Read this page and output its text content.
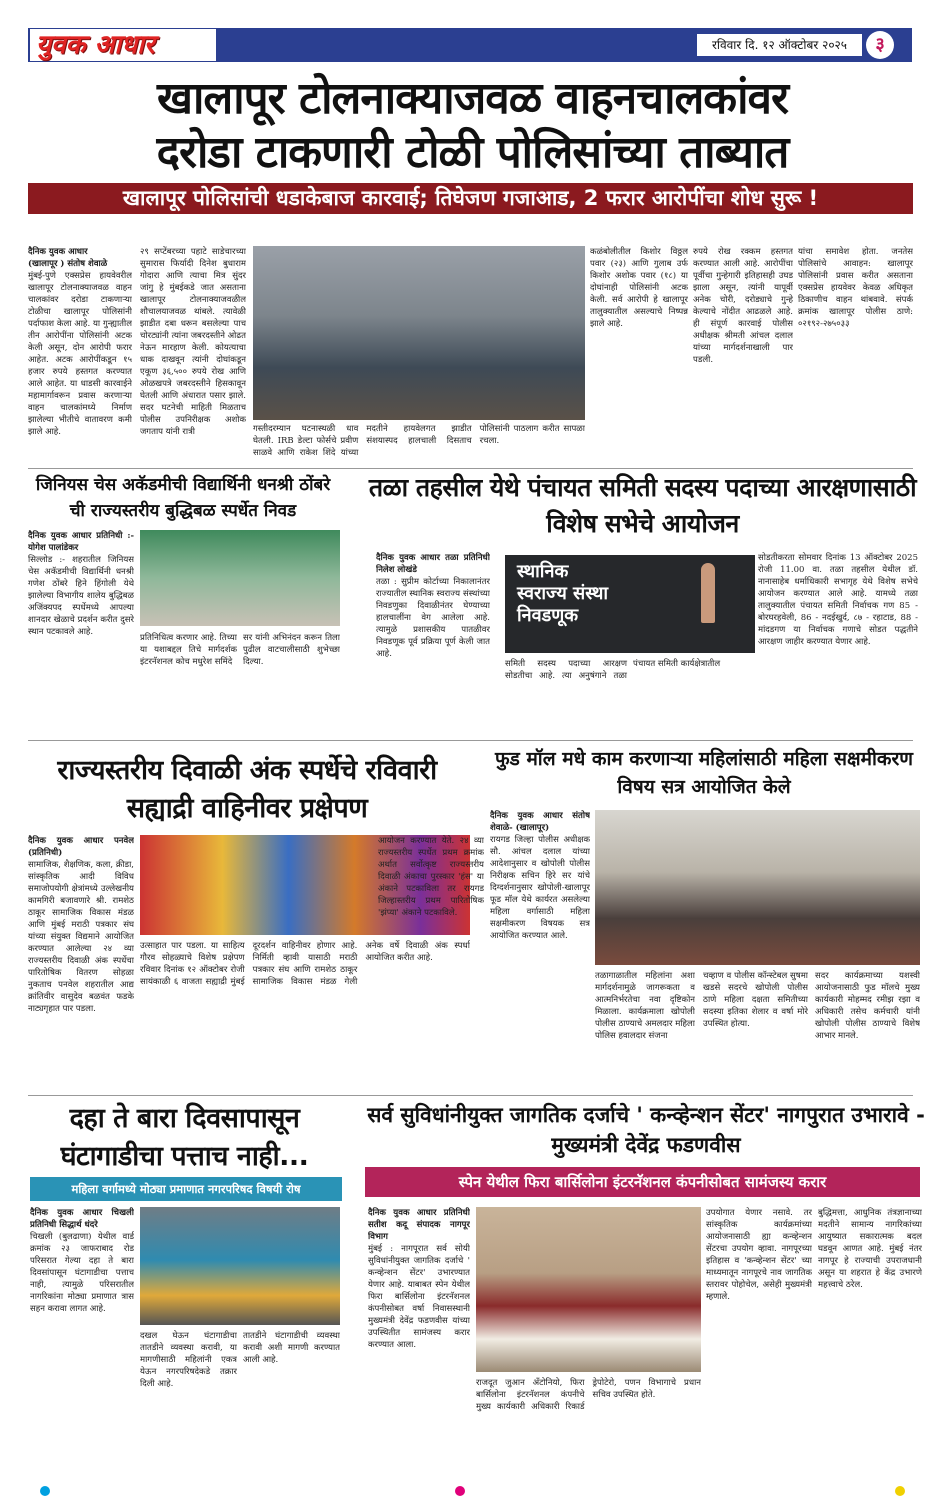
युवक आधार	रविवार दि. १२ ऑक्टोबर २०२५	३
खालापूर टोलनाक्याजवळ वाहनचालकांवर
दरोडा टाकणारी टोळी पोलिसांच्या ताब्यात
खालापूर पोलिसांची धडाकेबाज कारवाई; तिघेजण गजाआड, 2 फरार आरोपींचा शोध सुरू !
दैनिक युवक आधार
(खालापूर ) संतोष शेवाळे
मुंबई-पुणे एक्सप्रेस हायवेवरील खालापूर टोलनाक्याजवळ वाहन चालकांवर दरोडा टाकणाऱ्या टोळीचा खालापूर पोलिसांनी पर्दाफाश केला आहे. या गुन्ह्यातील तीन आरोपींना पोलिसांनी अटक केली असून, दोन आरोपी फरार आहेत. अटक आरोपींकडून १५ हजार रुपये हस्तगत करण्यात आले आहेत. या धाडसी कारवाईने महामार्गावरून प्रवास करणाऱ्या वाहन चालकांमध्ये निर्माण झालेल्या भीतीचे वातावरण कमी झाले आहे.
२९ सप्टेंबरच्या पहाटे साडेचारच्या सुमारास फिर्यादी दिनेश बुधाराम गोदारा आणि त्याचा मित्र सुंदर जांगु हे मुंबईकडे जात असताना खालापूर टोलनाक्याजवळील शौचालयाजवळ थांबले. त्यावेळी झाडीत दबा धरून बसलेल्या पाच चोरट्यांनी त्यांना जबरदस्तीने ओढत नेऊन मारहाण केली. कोयत्याचा धाक दाखवून त्यांनी दोघांकडून एकूण ३६,५०० रुपये रोख आणि ओळखपत्रे जबरदस्तीने हिसकावून घेतली आणि अंधारात पसार झाले. सदर घटनेची माहिती मिळताच पोलीस उपनिरीक्षक अशोक जगताप यांनी रात्री	गस्तीदरम्यान घटनास्थळी धाव घेतली. IRB डेल्टा फोर्सचे प्रवीण साळवे आणि राकेश शिंदे यांच्या मदतीने हायवेलगत झाडीत संशयास्पद हालचाली दिसताच पोलिसांनी पाठलाग करीत सापळा रचला.
कळंबोलीतील किशोर विठ्ठल पवार (२३) आणि गुलाब उर्फ किशोर अशोक पवार (१८) या दोघांनाही पोलिसांनी अटक केली. सर्व आरोपी हे खालापूर तालुक्यातील असल्याचे निष्पन्न झाले आहे.
रुपये रोख रक्कम हस्तगत करण्यात आली आहे. आरोपींचा पूर्वीचा गुन्हेगारी इतिहासही उघड झाला असून, त्यांनी यापूर्वी अनेक चोरी, दरोड्याचे गुन्हे केल्याचे नोंदीत आढळले आहे. ही संपूर्ण कारवाई पोलीस अधीक्षक श्रीमती आंचल दलाल यांच्या मार्गदर्शनाखाली पार पडली.
यांचा समावेश होता. जनतेस पोलिसांचे आवाहन: खालापूर पोलिसांनी प्रवास करीत असताना एक्सप्रेस हायवेवर केवळ अधिकृत ठिकाणीच वाहन थांबवावे. संपर्क क्रमांक खालापूर पोलीस ठाणे: ०२१९२-२७५०३३
जिनियस चेस अकॅडमीची विद्यार्थिनी धनश्री ठोंबरे ची राज्यस्तरीय बुद्धिबळ स्पर्धेत निवड
दैनिक युवक आधार प्रतिनिधी :- योगेश पालांडेकर
सिल्लोड :- शहरातील जिनियस चेस अकॅडमीची विद्यार्थिनी धनश्री गणेश ठोंबरे हिने हिंगोली येथे झालेल्या विभागीय शालेय बुद्धिबळ अजिंक्यपद स्पर्धेमध्ये आपल्या शानदार खेळाचे प्रदर्शन करीत दुसरे स्थान पटकावले आहे.
प्रतिनिधित्व करणार आहे. तिच्या या यशाबद्दल तिचे मार्गदर्शक इंटरनॅशनल कोच मधुरेश समिंदे
सर यांनी अभिनंदन करून तिला पुढील वाटचालीसाठी शुभेच्छा दिल्या.
तळा तहसील येथे पंचायत समिती सदस्य पदाच्या आरक्षणासाठी विशेष सभेचे आयोजन
दैनिक युवक आधार तळा प्रतिनिधी निलेश लोखंडे
तळा : सुप्रीम कोर्टाच्या निकालानंतर राज्यातील स्थानिक स्वराज्य संस्थांच्या निवडणुका दिवाळीनंतर घेण्याच्या हालचालींना वेग आलेला आहे. त्यामुळे प्रशासकीय पातळीवर निवडणूक पूर्व प्रक्रिया पूर्ण केली जात आहे.
स्थानिक
स्वराज्य संस्था
निवडणूक
समिती सदस्य पदाच्या आरक्षण सोडतीचा आहे. त्या अनुषंगाने तळा पंचायत समिती कार्यक्षेत्रातील
सोडतीकरता सोमवार दिनांक 13 ऑक्टोबर 2025 रोजी 11.00 वा. तळा तहसील येथील डॉ. नानासाहेब धर्माधिकारी सभागृह येथे विशेष सभेचे आयोजन करण्यात आले आहे. यामध्ये तळा तालुक्यातील पंचायत समिती निर्वाचक गण 85 - बोरघरहवेली, 86 - नदईखुर्द, ८७ - रहाटाड, 88 - मांदडगण या निर्वाचक गणाचे सोडत पद्धतीने आरक्षण जाहीर करण्यात येणार आहे.
राज्यस्तरीय दिवाळी अंक स्पर्धेचे रविवारी सह्याद्री वाहिनीवर प्रक्षेपण
दैनिक युवक आधार पनवेल (प्रतिनिधी)
सामाजिक, शैक्षणिक, कला, क्रीडा, सांस्कृतिक आदी विविध समाजोपयोगी क्षेत्रांमध्ये उल्लेखनीय कामगिरी बजावणारे श्री. रामशेठ ठाकूर सामाजिक विकास मंडळ आणि मुंबई मराठी पत्रकार संघ यांच्या संयुक्त विद्यमाने आयोजित करण्यात आलेल्या २४ व्या राज्यस्तरीय दिवाळी अंक स्पर्धेचा पारितोषिक वितरण सोहळा नुकताच पनवेल शहरातील आद्य क्रांतिवीर वासुदेव बळवंत फडके नाट्यगृहात पार पडला.
उत्साहात पार पडला. या साहित्य गौरव सोहळ्याचे विशेष प्रक्षेपण रविवार दिनांक १२ ऑक्टोबर रोजी सायंकाळी ६ वाजता सह्याद्री मुंबई दूरदर्शन वाहिनीवर होणार आहे. निर्मिती व्हावी यासाठी मराठी पत्रकार संघ आणि रामशेठ ठाकूर सामाजिक विकास मंडळ गेली अनेक वर्षे दिवाळी अंक स्पर्धा आयोजित करीत आहे.
फुड मॉल मधे काम करणाऱ्या महिलांसाठी महिला सक्षमीकरण विषय सत्र आयोजित केले
दैनिक युवक आधार संतोष शेवाळे- (खालापूर)
रायगड जिल्हा पोलीस अधीक्षक सौ. आंचल दलाल यांच्या आदेशानुसार व खोपोली पोलीस निरीक्षक सचिन हिरे सर यांचे दिग्दर्शनानुसार खोपोली-खालापूर फूड मॉल येथे कार्यरत असलेल्या महिला वर्गासाठी महिला सक्षमीकरण विषयक सत्र आयोजित करण्यात आले.
तळागाळातील महिलांना अशा मार्गदर्शनामुळे जागरूकता व आत्मनिर्भरतेचा नवा दृष्टिकोन मिळाला. कार्यक्रमाला खोपोली पोलीस ठाण्याचे अमलदार महिला पोलिस हवालदार संजना
चव्हाण व पोलीस कॉन्स्टेबल सुषमा खडसे सदरचे खोपोली पोलीस ठाणे महिला दक्षता समितीच्या सदस्या इतिका शेलार व वर्षा मोरे उपस्थित होत्या.
सदर कार्यक्रमाच्या यशस्वी आयोजनासाठी फुड मॉलचे मुख्य कार्यकारी मोहम्मद रमीझ रझा व अधिकारी तसेच कर्मचारी यांनी खोपोली पोलीस ठाण्याचे विशेष आभार मानले.
आयोजन करण्यात येते. २४ व्या राज्यस्तरीय स्पर्धेत प्रथम क्रमांक अर्थात सर्वोत्कृष्ट राज्यस्तरीय दिवाळी अंकाचा पुरस्कार 'हंस' या अंकाने पटकाविला तर रायगड जिल्हास्तरीय प्रथम पारितोषिक 'झंप्या' अंकाने पटकाविले.
दहा ते बारा दिवसापासून घंटागाडीचा पत्ताच नाही...
महिला वर्गामध्ये मोठ्या प्रमाणात नगरपरिषद विषयी रोष
दैनिक युवक आधार चिखली प्रतिनिधी सिद्धार्थ धंदरे
चिखली (बुलढाणा) येथील वार्ड क्रमांक २३ जाफराबाद रोड परिसरात गेल्या दहा ते बारा दिवसांपासून घंटागाडीचा पत्ताच नाही, त्यामुळे परिसरातील नागरिकांना मोठ्या प्रमाणात त्रास सहन करावा लागत आहे.
दखल घेऊन घंटागाडीचा तातडीने व्यवस्था करावी, या मागणीसाठी महिलांनी एकत्र येऊन नगरपरिषदेकडे तक्रार दिली आहे.
तातडीने घंटागाडीची व्यवस्था करावी अशी मागणी करण्यात आली आहे.
सर्व सुविधांनीयुक्त जागतिक दर्जाचे ' कन्व्हेन्शन सेंटर' नागपुरात उभारावे - मुख्यमंत्री देवेंद्र फडणवीस
स्पेन येथील फिरा बार्सिलोना इंटरनॅशनल कंपनीसोबत सामंजस्य करार
दैनिक युवक आधार प्रतिनिधी सतीश कदू संपादक नागपूर विभाग
मुंबई : नागपूरात सर्व सोयी सुविधांनीयुक्त जागतिक दर्जाचे ' कन्व्हेन्शन सेंटर' उभारण्यात येणार आहे. याबाबत स्पेन येथील फिरा बार्सिलोना इंटरनॅशनल कंपनीसोबत वर्षा निवासस्थानी मुख्यमंत्री देवेंद्र फडणवीस यांच्या उपस्थितीत सामंजस्य करार करण्यात आला.
राजदूत जुआन अँटोनियो, फिरा बार्सिलोना इंटरनॅशनल कंपनीचे मुख्य कार्यकारी अधिकारी रिकार्ड ड्रेपोटेरो, पणन विभागाचे प्रधान सचिव उपस्थित होते.
उपयोगात येणार नसावे. तर सांस्कृतिक कार्यक्रमांच्या आयोजनासाठी ह्या कन्व्हेन्शन सेंटरचा उपयोग व्हावा. नागपूरच्या इतिहास व 'कन्व्हेन्शन सेंटर' च्या माध्यमातून नागपूरचे नाव जागतिक स्तरावर पोहोचेल, असेही मुख्यमंत्री म्हणाले.
बुद्धिमत्ता, आधुनिक तंत्रज्ञानाच्या मदतीने सामान्य नागरिकांच्या आयुष्यात सकारात्मक बदल घडवून आणत आहे. मुंबई नंतर नागपूर हे राज्याची उपराजधानी असून या शहरात हे केंद्र उभारणे महत्त्वाचे ठरेल.
